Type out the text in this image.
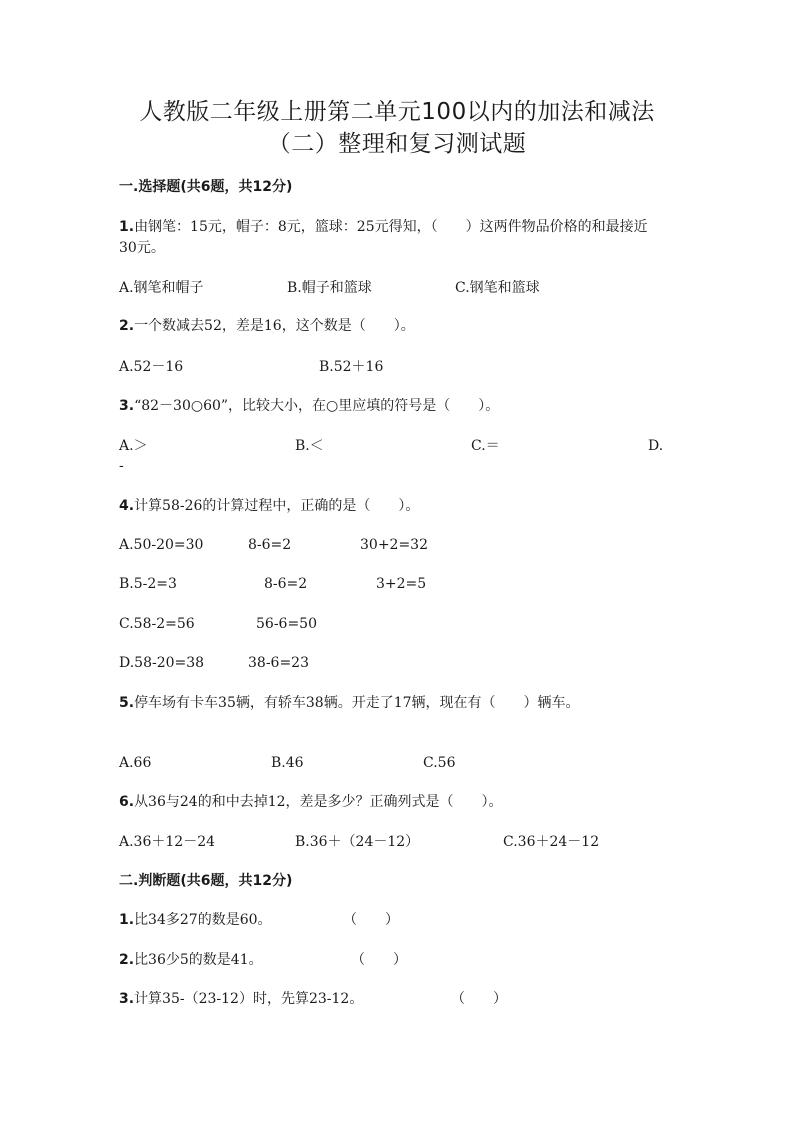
人教版二年级上册第二单元100以内的加法和减法
（二）整理和复习测试题
一.选择题(共6题，共12分)
1.由钢笔：15元，帽子：8元，篮球：25元得知，（　　）这两件物品价格的和最接近30元。
A.钢笔和帽子	B.帽子和篮球	C.钢笔和篮球
2.一个数减去52，差是16，这个数是（　　）。
A.52－16	B.52＋16
3.“82－30○60”，比较大小，在○里应填的符号是（　　）。
A.＞	B.＜	C.＝	D.
-
4.计算58-26的计算过程中，正确的是（　　）。
A.50-20=30	8-6=2	30+2=32
B.5-2=3	8-6=2	3+2=5
C.58-2=56	56-6=50
D.58-20=38	38-6=23
5.停车场有卡车35辆，有轿车38辆。开走了17辆，现在有（　　）辆车。
A.66	B.46	C.56
6.从36与24的和中去掉12，差是多少？正确列式是（　　）。
A.36＋12－24	B.36＋（24－12）	C.36＋24－12
二.判断题(共6题，共12分)
1.比34多27的数是60。	（　　）
2.比36少5的数是41。	（　　）
3.计算35-（23-12）时，先算23-12。	（　　）
